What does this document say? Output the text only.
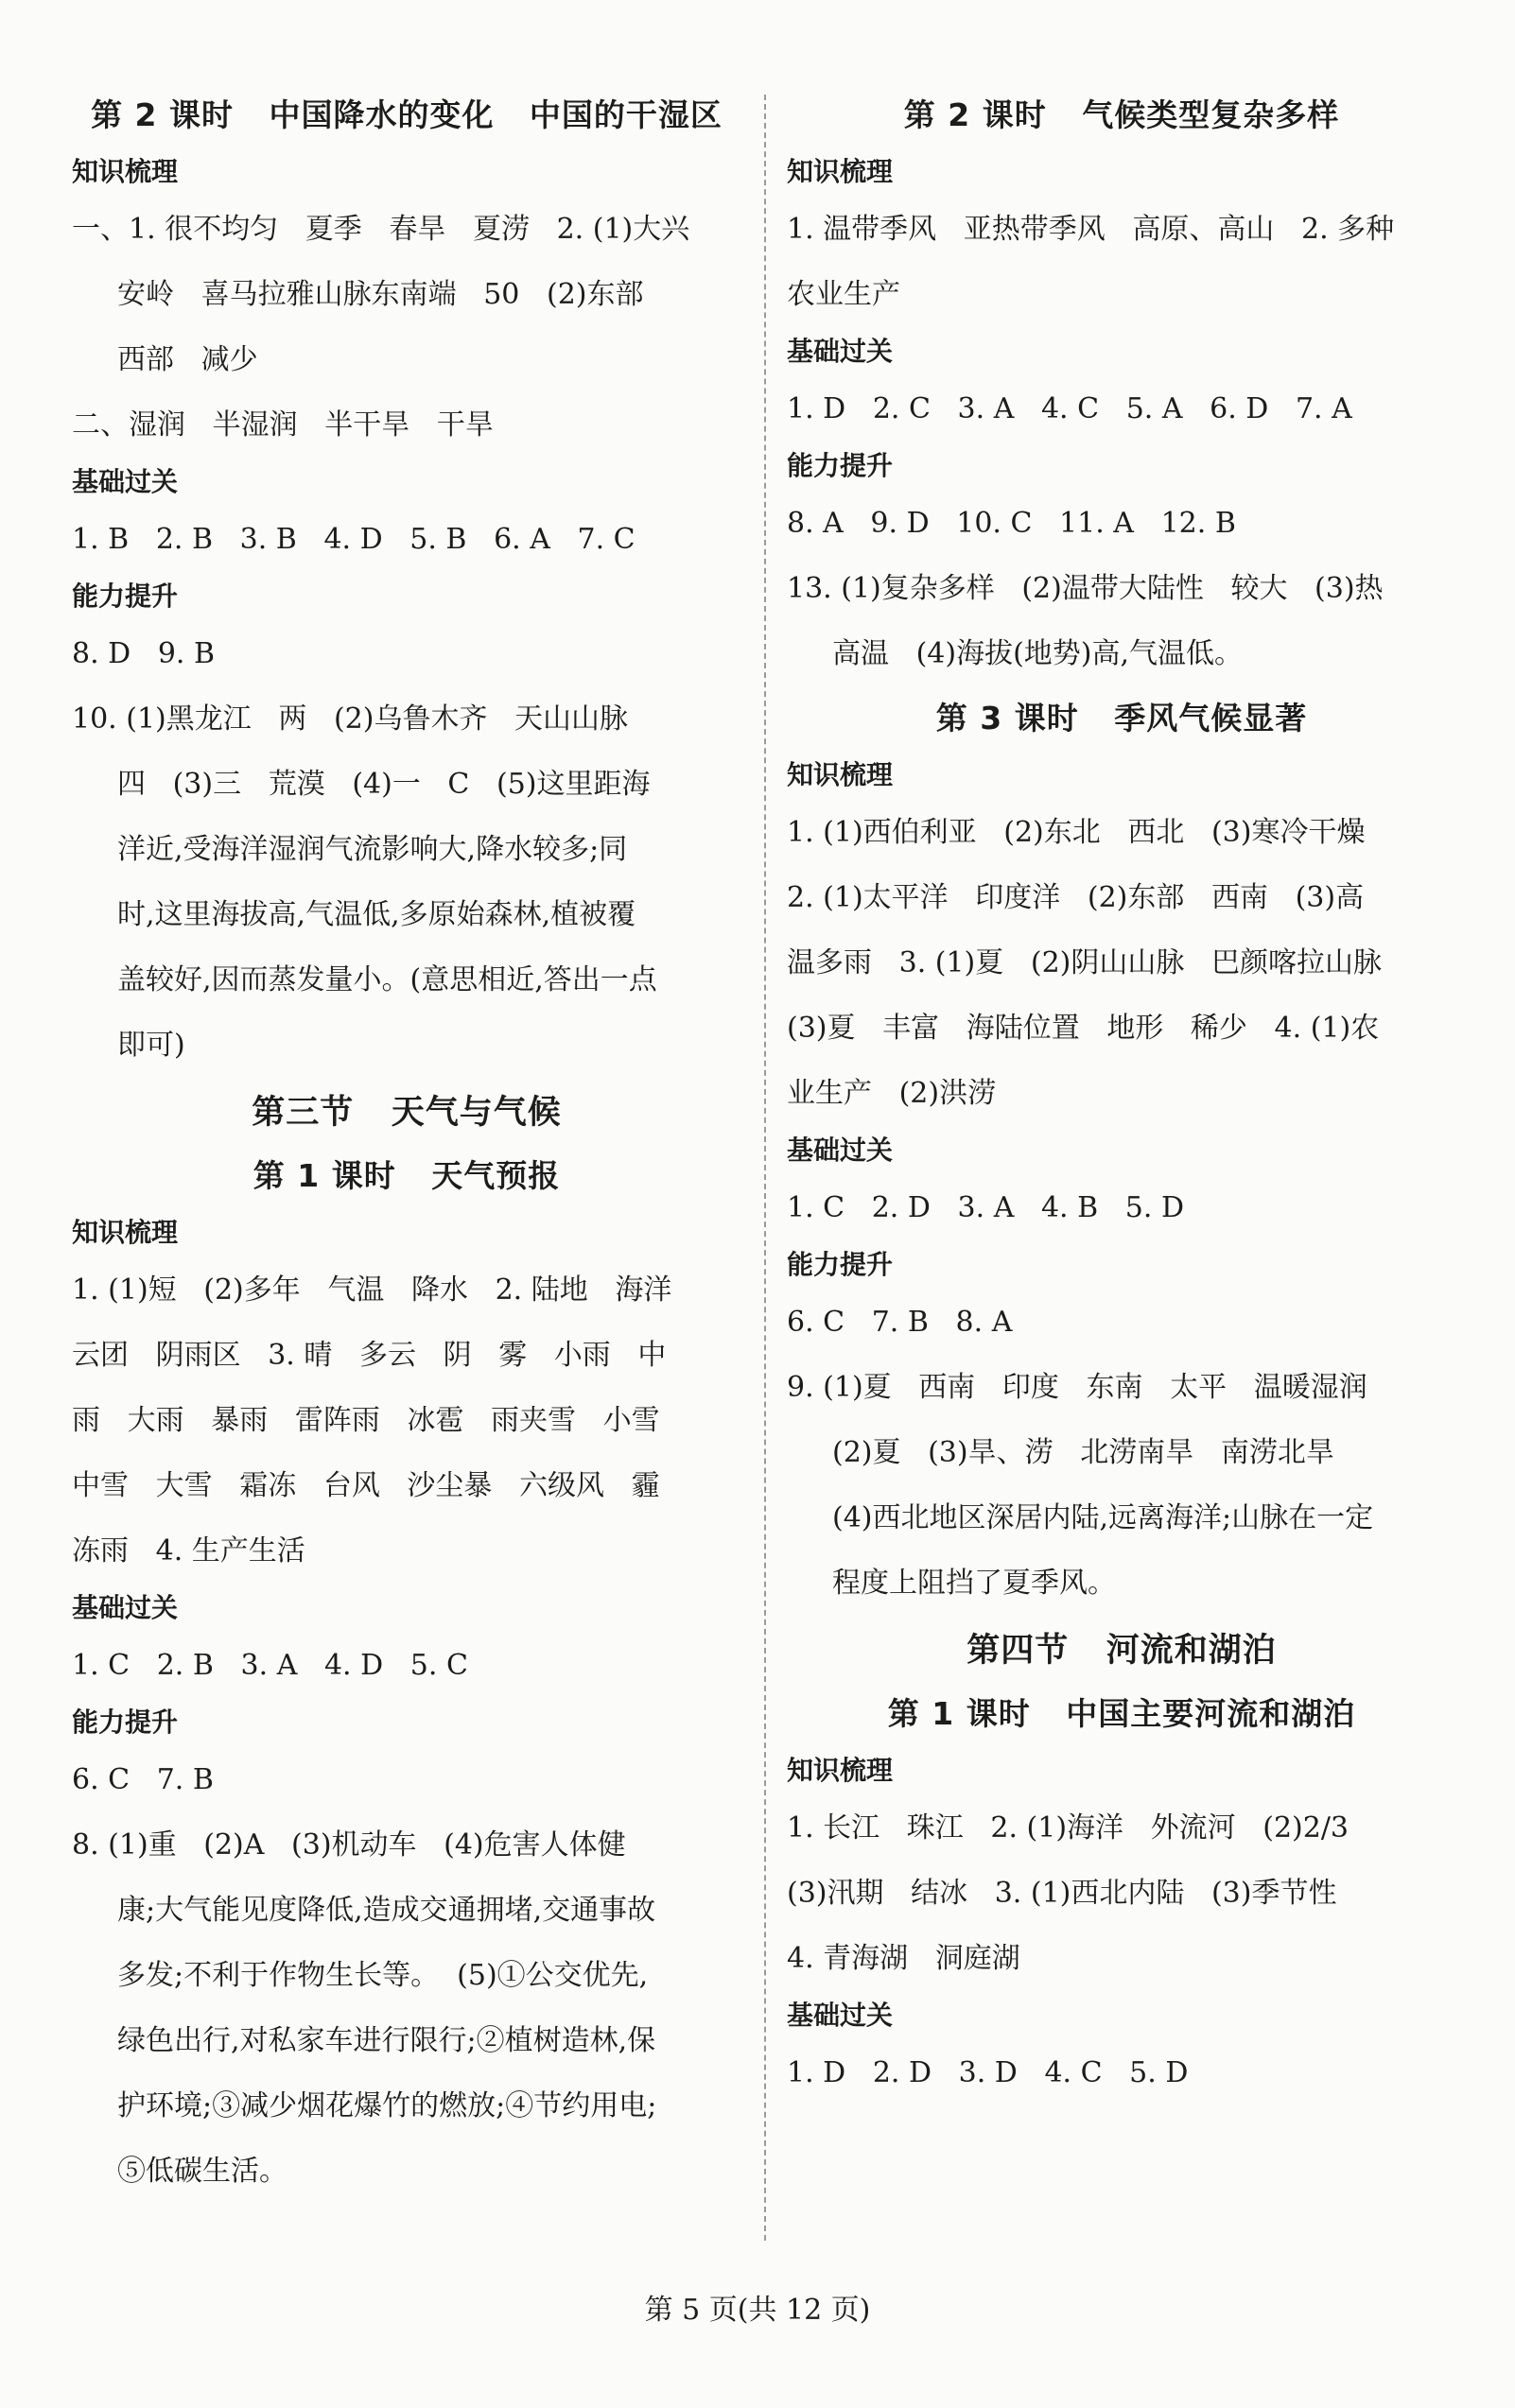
第 2 课时   中国降水的变化   中国的干湿区
知识梳理
一、1. 很不均匀   夏季   春旱   夏涝   2. (1)大兴
安岭   喜马拉雅山脉东南端   50   (2)东部
西部   减少
二、湿润   半湿润   半干旱   干旱
基础过关
1. B   2. B   3. B   4. D   5. B   6. A   7. C
能力提升
8. D   9. B
10. (1)黑龙江   两   (2)乌鲁木齐   天山山脉
四   (3)三   荒漠   (4)一   C   (5)这里距海
洋近,受海洋湿润气流影响大,降水较多;同
时,这里海拔高,气温低,多原始森林,植被覆
盖较好,因而蒸发量小。(意思相近,答出一点
即可)
第三节   天气与气候
第 1 课时   天气预报
知识梳理
1. (1)短   (2)多年   气温   降水   2. 陆地   海洋
云团   阴雨区   3. 晴   多云   阴   雾   小雨   中
雨   大雨   暴雨   雷阵雨   冰雹   雨夹雪   小雪
中雪   大雪   霜冻   台风   沙尘暴   六级风   霾
冻雨   4. 生产生活
基础过关
1. C   2. B   3. A   4. D   5. C
能力提升
6. C   7. B
8. (1)重   (2)A   (3)机动车   (4)危害人体健
康;大气能见度降低,造成交通拥堵,交通事故
多发;不利于作物生长等。  (5)①公交优先,
绿色出行,对私家车进行限行;②植树造林,保
护环境;③减少烟花爆竹的燃放;④节约用电;
⑤低碳生活。
第 2 课时   气候类型复杂多样
知识梳理
1. 温带季风   亚热带季风   高原、高山   2. 多种
农业生产
基础过关
1. D   2. C   3. A   4. C   5. A   6. D   7. A
能力提升
8. A   9. D   10. C   11. A   12. B
13. (1)复杂多样   (2)温带大陆性   较大   (3)热
高温   (4)海拔(地势)高,气温低。
第 3 课时   季风气候显著
知识梳理
1. (1)西伯利亚   (2)东北   西北   (3)寒冷干燥
2. (1)太平洋   印度洋   (2)东部   西南   (3)高
温多雨   3. (1)夏   (2)阴山山脉   巴颜喀拉山脉
(3)夏   丰富   海陆位置   地形   稀少   4. (1)农
业生产   (2)洪涝
基础过关
1. C   2. D   3. A   4. B   5. D
能力提升
6. C   7. B   8. A
9. (1)夏   西南   印度   东南   太平   温暖湿润
(2)夏   (3)旱、涝   北涝南旱   南涝北旱
(4)西北地区深居内陆,远离海洋;山脉在一定
程度上阻挡了夏季风。
第四节   河流和湖泊
第 1 课时   中国主要河流和湖泊
知识梳理
1. 长江   珠江   2. (1)海洋   外流河   (2)2/3
(3)汛期   结冰   3. (1)西北内陆   (3)季节性
4. 青海湖   洞庭湖
基础过关
1. D   2. D   3. D   4. C   5. D
第 5 页(共 12 页)
